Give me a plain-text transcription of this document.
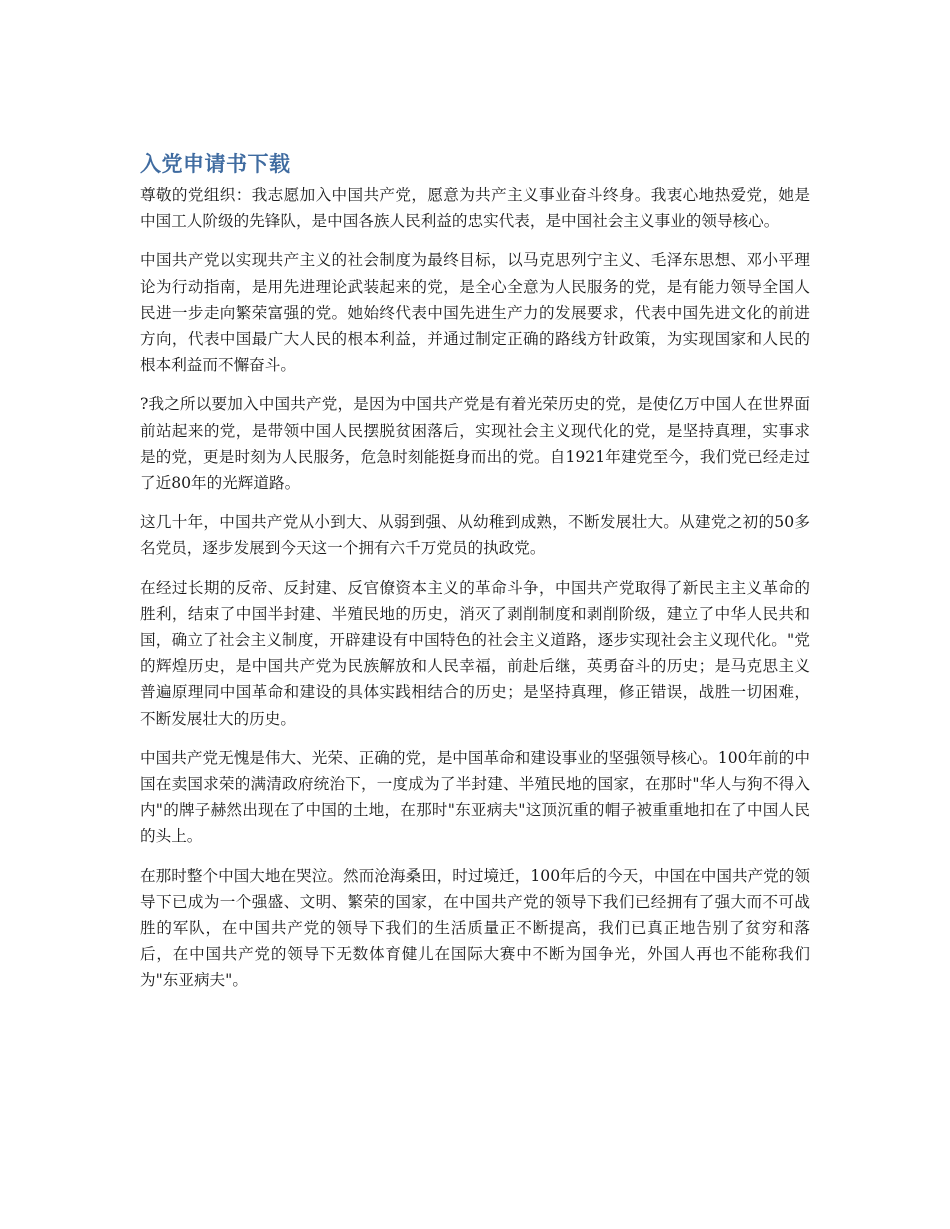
入党申请书下载

尊敬的党组织：我志愿加入中国共产党，愿意为共产主义事业奋斗终身。我衷心地热爱党，她是中国工人阶级的先锋队，是中国各族人民利益的忠实代表，是中国社会主义事业的领导核心。

中国共产党以实现共产主义的社会制度为最终目标，以马克思列宁主义、毛泽东思想、邓小平理论为行动指南，是用先进理论武装起来的党，是全心全意为人民服务的党，是有能力领导全国人民进一步走向繁荣富强的党。她始终代表中国先进生产力的发展要求，代表中国先进文化的前进方向，代表中国最广大人民的根本利益，并通过制定正确的路线方针政策，为实现国家和人民的根本利益而不懈奋斗。

?我之所以要加入中国共产党，是因为中国共产党是有着光荣历史的党，是使亿万中国人在世界面前站起来的党，是带领中国人民摆脱贫困落后，实现社会主义现代化的党，是坚持真理，实事求是的党，更是时刻为人民服务，危急时刻能挺身而出的党。自1921年建党至今，我们党已经走过了近80年的光辉道路。

这几十年，中国共产党从小到大、从弱到强、从幼稚到成熟，不断发展壮大。从建党之初的50多名党员，逐步发展到今天这一个拥有六千万党员的执政党。

在经过长期的反帝、反封建、反官僚资本主义的革命斗争，中国共产党取得了新民主主义革命的胜利，结束了中国半封建、半殖民地的历史，消灭了剥削制度和剥削阶级，建立了中华人民共和国，确立了社会主义制度，开辟建设有中国特色的社会主义道路，逐步实现社会主义现代化。"党的辉煌历史，是中国共产党为民族解放和人民幸福，前赴后继，英勇奋斗的历史；是马克思主义普遍原理同中国革命和建设的具体实践相结合的历史；是坚持真理，修正错误，战胜一切困难，不断发展壮大的历史。

中国共产党无愧是伟大、光荣、正确的党，是中国革命和建设事业的坚强领导核心。100年前的中国在卖国求荣的满清政府统治下，一度成为了半封建、半殖民地的国家，在那时"华人与狗不得入内"的牌子赫然出现在了中国的土地，在那时"东亚病夫"这顶沉重的帽子被重重地扣在了中国人民的头上。

在那时整个中国大地在哭泣。然而沧海桑田，时过境迁，100年后的今天，中国在中国共产党的领导下已成为一个强盛、文明、繁荣的国家，在中国共产党的领导下我们已经拥有了强大而不可战胜的军队，在中国共产党的领导下我们的生活质量正不断提高，我们已真正地告别了贫穷和落后，在中国共产党的领导下无数体育健儿在国际大赛中不断为国争光，外国人再也不能称我们为"东亚病夫"。
